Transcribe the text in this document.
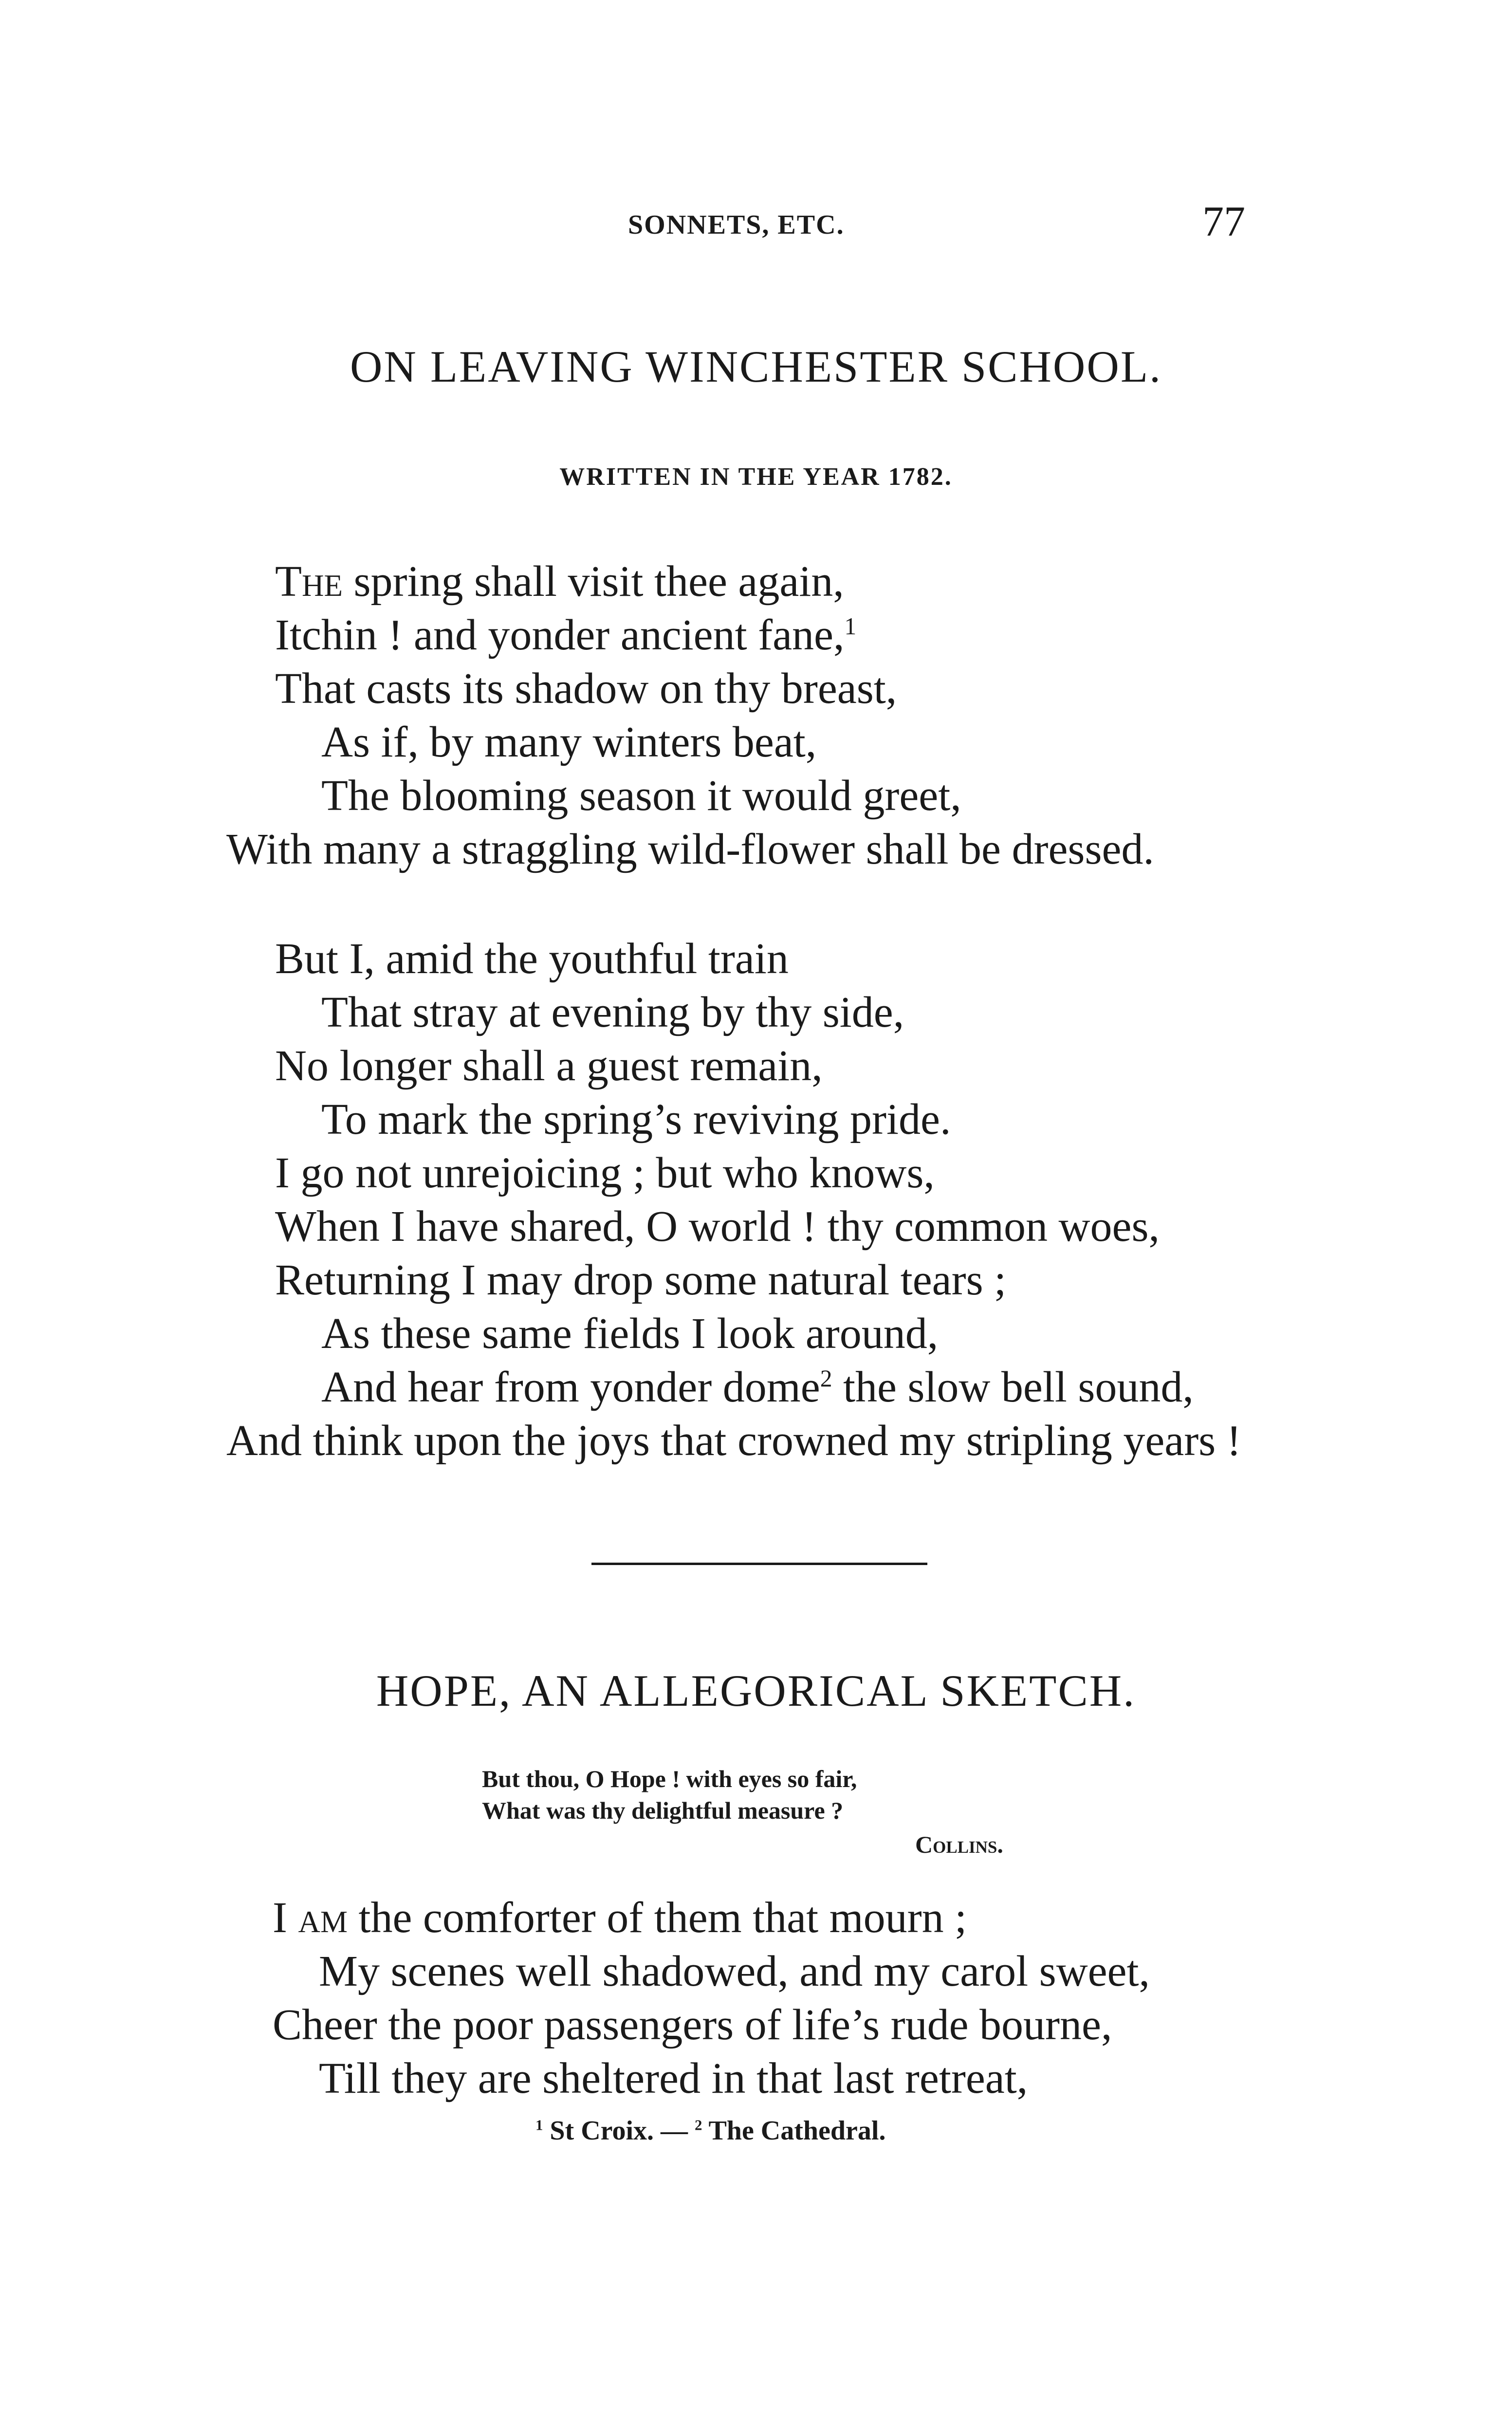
SONNETS, ETC.	77
ON LEAVING WINCHESTER SCHOOL.
WRITTEN IN THE YEAR 1782.
The spring shall visit thee again,
Itchin ! and yonder ancient fane,$^1$
That casts its shadow on thy breast,
As if, by many winters beat,
The blooming season it would greet,
With many a straggling wild-flower shall be dressed.
But I, amid the youthful train
That stray at evening by thy side,
No longer shall a guest remain,
To mark the spring’s reviving pride.
I go not unrejoicing ; but who knows,
When I have shared, O world ! thy common woes,
Returning I may drop some natural tears ;
As these same fields I look around,
And hear from yonder dome$^2$ the slow bell sound,
And think upon the joys that crowned my stripling years !
HOPE, AN ALLEGORICAL SKETCH.
But thou, O Hope ! with eyes so fair,
What was thy delightful measure ?
Collins.
I am the comforter of them that mourn ;
My scenes well shadowed, and my carol sweet,
Cheer the poor passengers of life’s rude bourne,
Till they are sheltered in that last retreat,
$^1$ St Croix. — $^2$ The Cathedral.
